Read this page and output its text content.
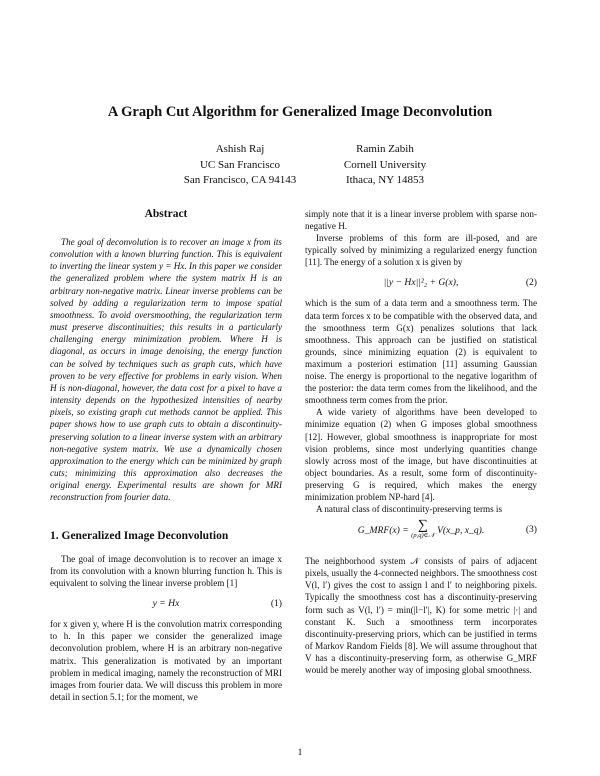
A Graph Cut Algorithm for Generalized Image Deconvolution
Ashish Raj
UC San Francisco
San Francisco, CA 94143
Ramin Zabih
Cornell University
Ithaca, NY 14853
Abstract

The goal of deconvolution is to recover an image x from its convolution with a known blurring function. This is equivalent to inverting the linear system y = Hx. In this paper we consider the generalized problem where the system matrix H is an arbitrary non-negative matrix. Linear inverse problems can be solved by adding a regularization term to impose spatial smoothness. To avoid oversmoothing, the regularization term must preserve discontinuities; this results in a particularly challenging energy minimization problem. Where H is diagonal, as occurs in image denoising, the energy function can be solved by techniques such as graph cuts, which have proven to be very effective for problems in early vision. When H is non-diagonal, however, the data cost for a pixel to have a intensity depends on the hypothesized intensities of nearby pixels, so existing graph cut methods cannot be applied. This paper shows how to use graph cuts to obtain a discontinuity-preserving solution to a linear inverse system with an arbitrary non-negative system matrix. We use a dynamically chosen approximation to the energy which can be minimized by graph cuts; minimizing this approximation also decreases the original energy. Experimental results are shown for MRI reconstruction from fourier data.

1. Generalized Image Deconvolution

The goal of image deconvolution is to recover an image x from its convolution with a known blurring function h. This is equivalent to solving the linear inverse problem [1]

y = Hx	(1)

for x given y, where H is the convolution matrix corresponding to h. In this paper we consider the generalized image deconvolution problem, where H is an arbitrary non-negative matrix. This generalization is motivated by an important problem in medical imaging, namely the reconstruction of MRI images from fourier data. We will discuss this problem in more detail in section 5.1; for the moment, we

simply note that it is a linear inverse problem with sparse non-negative H.

Inverse problems of this form are ill-posed, and are typically solved by minimizing a regularized energy function [11]. The energy of a solution x is given by

||y − Hx||²₂ + G(x),	(2)

which is the sum of a data term and a smoothness term. The data term forces x to be compatible with the observed data, and the smoothness term G(x) penalizes solutions that lack smoothness. This approach can be justified on statistical grounds, since minimizing equation (2) is equivalent to maximum a posteriori estimation [11] assuming Gaussian noise. The energy is proportional to the negative logarithm of the posterior: the data term comes from the likelihood, and the smoothness term comes from the prior.

A wide variety of algorithms have been developed to minimize equation (2) when G imposes global smoothness [12]. However, global smoothness is inappropriate for most vision problems, since most underlying quantities change slowly across most of the image, but have discontinuities at object boundaries. As a result, some form of discontinuity-preserving G is required, which makes the energy minimization problem NP-hard [4].

A natural class of discontinuity-preserving terms is

G_MRF(x) = ∑
(p,q)∈𝒩 V(x_p, x_q).	(3)

The neighborhood system 𝒩 consists of pairs of adjacent pixels, usually the 4-connected neighbors. The smoothness cost V(l, l′) gives the cost to assign l and l′ to neighboring pixels. Typically the smoothness cost has a discontinuity-preserving form such as V(l, l′) = min(|l−l′|, K) for some metric |·| and constant K. Such a smoothness term incorporates discontinuity-preserving priors, which can be justified in terms of Markov Random Fields [8]. We will assume throughout that V has a discontinuity-preserving form, as otherwise G_MRF would be merely another way of imposing global smoothness.

1
